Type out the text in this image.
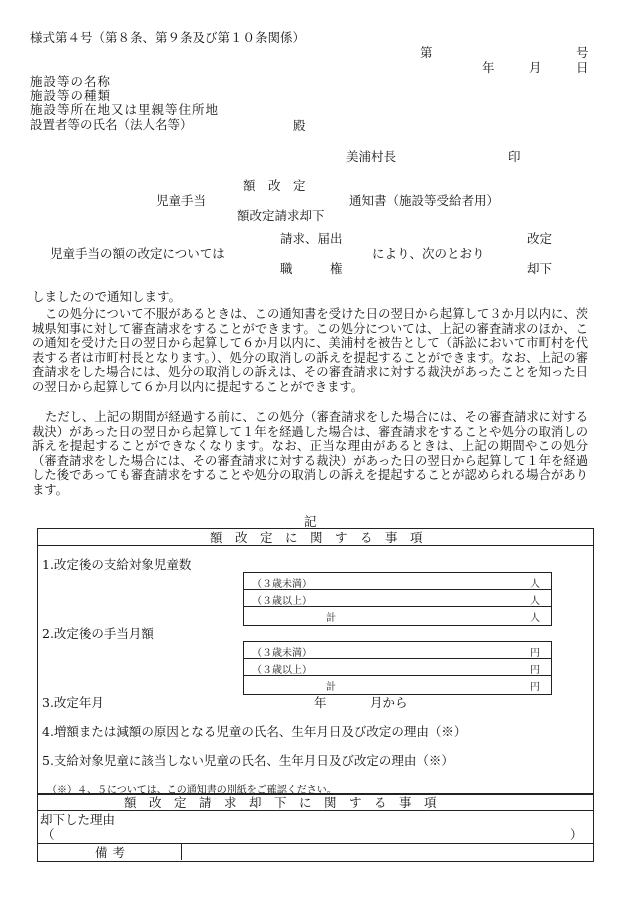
様式第４号（第８条、第９条及び第１０条関係）
第	号
年	月	日
施設等の名称
施設等の種類
施設等所在地又は里親等住所地
設置者等の氏名（法人名等）	殿
美浦村長	印
額　改　定
児童手当	通知書（施設等受給者用）
額改定請求却下
請求、届出	改定
児童手当の額の改定については	により、次のとおり
職　　　権	却下
しましたので通知します。
この処分について不服があるときは、この通知書を受けた日の翌日から起算して３か月以内に、茨城県知事に対して審査請求をすることができます。この処分については、上記の審査請求のほか、この通知を受けた日の翌日から起算して６か月以内に、美浦村を被告として（訴訟において市町村を代表する者は市町村長となります。）、処分の取消しの訴えを提起することができます。なお、上記の審査請求をした場合には、処分の取消しの訴えは、その審査請求に対する裁決があったことを知った日の翌日から起算して６か月以内に提起することができます。
ただし、上記の期間が経過する前に、この処分（審査請求をした場合には、その審査請求に対する裁決）があった日の翌日から起算して１年を経過した場合は、審査請求をすることや処分の取消しの訴えを提起することができなくなります。なお、正当な理由があるときは、上記の期間やこの処分（審査請求をした場合には、その審査請求に対する裁決）があった日の翌日から起算して１年を経過した後であっても審査請求をすることや処分の取消しの訴えを提起することが認められる場合があります。
記
額　改　定　に　関　す　る　事　項
1.改定後の支給対象児童数
（３歳未満）	人
（３歳以上）	人
計	人
2.改定後の手当月額
（３歳未満）	円
（３歳以上）	円
計	円
3.改定年月	年	月から
4.増額または減額の原因となる児童の氏名、生年月日及び改定の理由（※）
5.支給対象児童に該当しない児童の氏名、生年月日及び改定の理由（※）
（※）４、５については、この通知書の別紙をご確認ください。
額　改　定　請　求　却　下　に　関　す　る　事　項
却下した理由
（	）
備考
